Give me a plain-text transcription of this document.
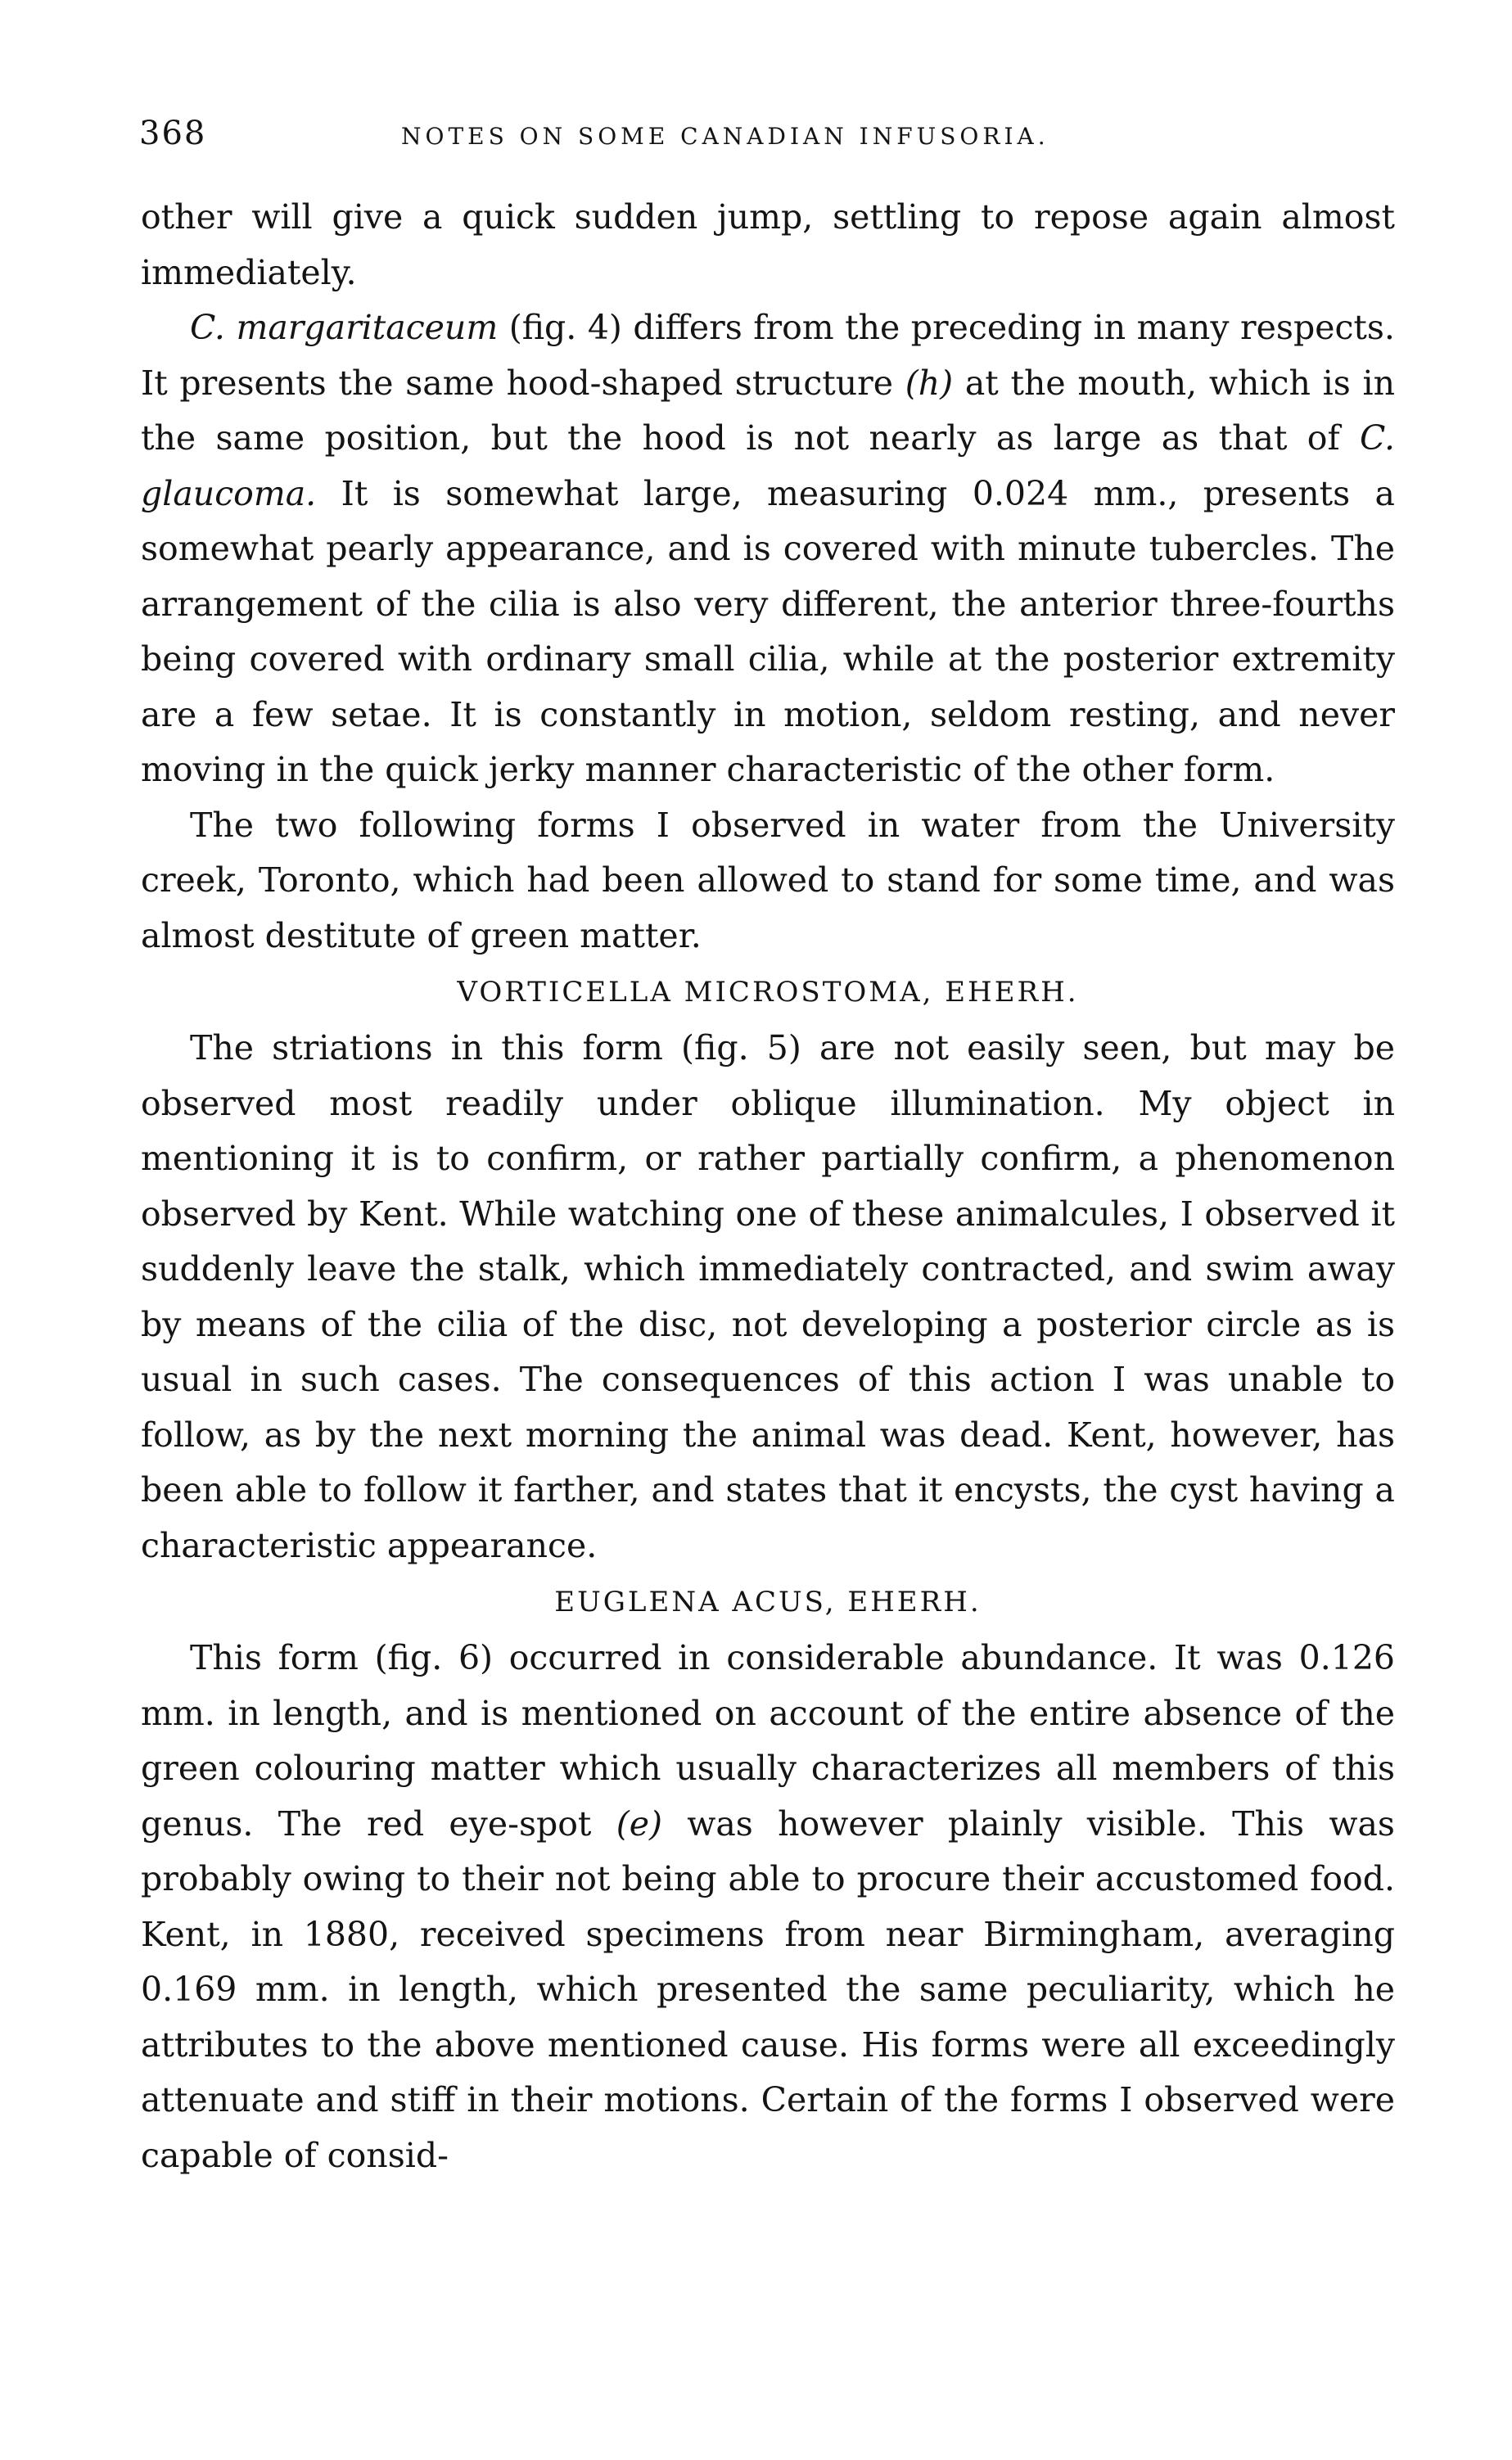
368	NOTES ON SOME CANADIAN INFUSORIA.

other will give a quick sudden jump, settling to repose again almost immediately.

C. margaritaceum (fig. 4) differs from the preceding in many respects. It presents the same hood-shaped structure (h) at the mouth, which is in the same position, but the hood is not nearly as large as that of C. glaucoma. It is somewhat large, measuring 0.024 mm., presents a somewhat pearly appearance, and is covered with minute tubercles. The arrangement of the cilia is also very different, the anterior three-fourths being covered with ordinary small cilia, while at the posterior extremity are a few setae. It is constantly in motion, seldom resting, and never moving in the quick jerky manner characteristic of the other form.

The two following forms I observed in water from the University creek, Toronto, which had been allowed to stand for some time, and was almost destitute of green matter.

VORTICELLA MICROSTOMA, EHERH.

The striations in this form (fig. 5) are not easily seen, but may be observed most readily under oblique illumination. My object in mentioning it is to confirm, or rather partially confirm, a phenomenon observed by Kent. While watching one of these animalcules, I observed it suddenly leave the stalk, which immediately contracted, and swim away by means of the cilia of the disc, not developing a posterior circle as is usual in such cases. The consequences of this action I was unable to follow, as by the next morning the animal was dead. Kent, however, has been able to follow it farther, and states that it encysts, the cyst having a characteristic appearance.

EUGLENA ACUS, EHERH.

This form (fig. 6) occurred in considerable abundance. It was 0.126 mm. in length, and is mentioned on account of the entire absence of the green colouring matter which usually characterizes all members of this genus. The red eye-spot (e) was however plainly visible. This was probably owing to their not being able to procure their accustomed food. Kent, in 1880, received specimens from near Birmingham, averaging 0.169 mm. in length, which presented the same peculiarity, which he attributes to the above mentioned cause. His forms were all exceedingly attenuate and stiff in their motions. Certain of the forms I observed were capable of consid-
